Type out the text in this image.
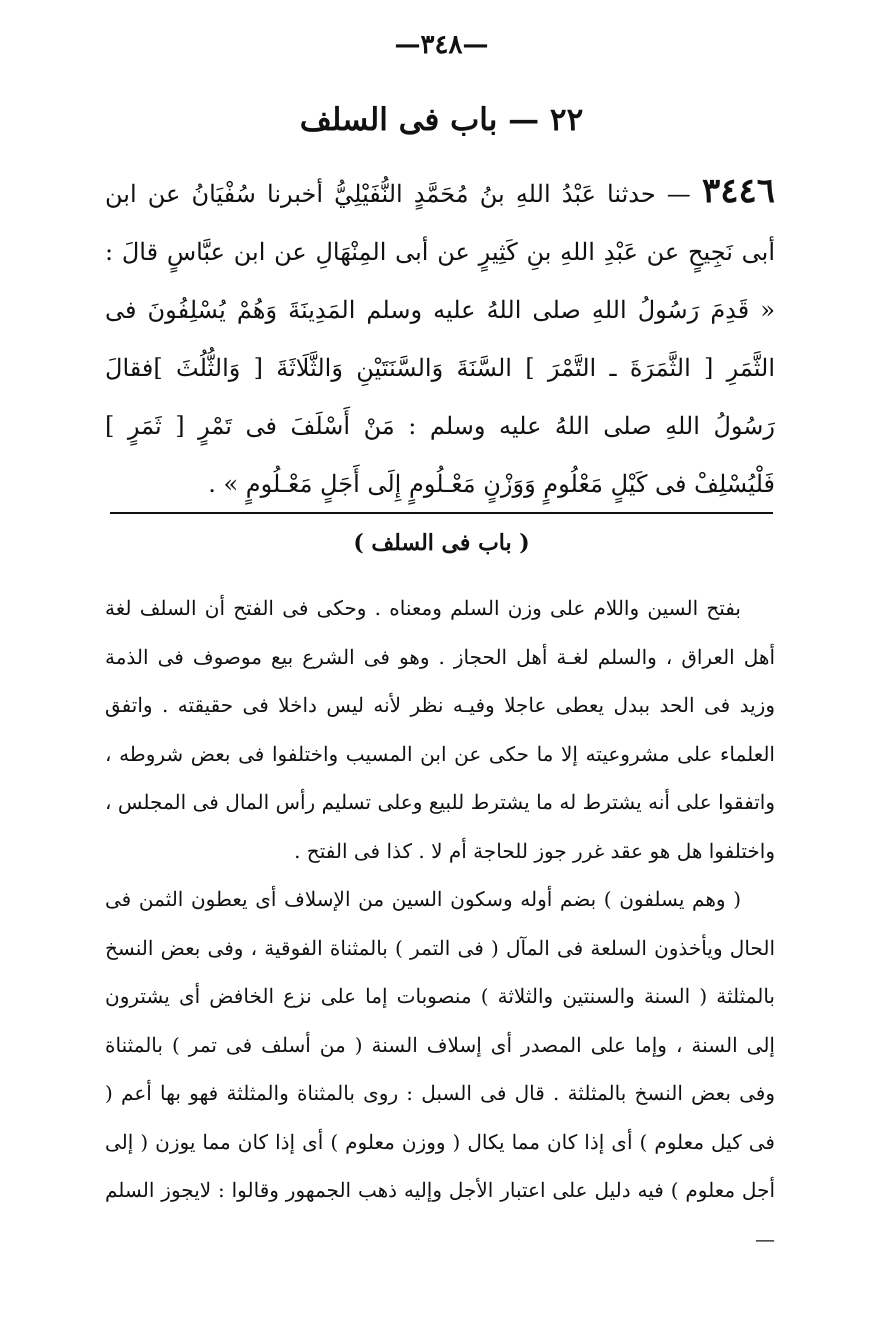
—٣٤٨—
٢٢ — باب فى السلف
٣٤٤٦ — حدثنا عَبْدُ اللهِ بنُ مُحَمَّدٍ النُّفَيْلِيُّ أخبرنا سُفْيَانُ عن ابن أبى نَجِيحٍ عن عَبْدِ اللهِ بنِ كَثِيرٍ عن أبى المِنْهَالِ عن ابن عبَّاسٍ قالَ : « قَدِمَ رَسُولُ اللهِ صلى اللهُ عليه وسلم المَدِينَةَ وَهُمْ يُسْلِفُونَ فى الثَّمَرِ [ الثَّمَرَةَ ـ التَّمْرَ ] السَّنَةَ وَالسَّنَتَيْنِ وَالثَّلَاثَةَ [ وَالثُّلُثَ ]فقالَ رَسُولُ اللهِ صلى اللهُ عليه وسلم : مَنْ أَسْلَفَ فى تَمْرٍ [ ثَمَرٍ ] فَلْيُسْلِفْ فى كَيْلٍ مَعْلُومٍ وَوَزْنٍ مَعْـلُومٍ إِلَى أَجَلٍ مَعْـلُومٍ » .
( باب فى السلف )

بفتح السين واللام على وزن السلم ومعناه . وحكى فى الفتح أن السلف لغة أهل العراق ، والسلم لغـة أهل الحجاز . وهو فى الشرع بيع موصوف فى الذمة وزيد فى الحد ببدل يعطى عاجلا وفيـه نظر لأنه ليس داخلا فى حقيقته . واتفق العلماء على مشروعيته إلا ما حكى عن ابن المسيب واختلفوا فى بعض شروطه ، واتفقوا على أنه يشترط له ما يشترط للبيع وعلى تسليم رأس المال فى المجلس ، واختلفوا هل هو عقد غرر جوز للحاجة أم لا . كذا فى الفتح .

( وهم يسلفون ) بضم أوله وسكون السين من الإسلاف أى يعطون الثمن فى الحال ويأخذون السلعة فى المآل ( فى التمر ) بالمثناة الفوقية ، وفى بعض النسخ بالمثلثة ( السنة والسنتين والثلاثة ) منصوبات إما على نزع الخافض أى يشترون إلى السنة ، وإما على المصدر أى إسلاف السنة ( من أسلف فى تمر ) بالمثناة وفى بعض النسخ بالمثلثة . قال فى السبل : روى بالمثناة والمثلثة فهو بها أعم ( فى كيل معلوم ) أى إذا كان مما يكال ( ووزن معلوم ) أى إذا كان مما يوزن ( إلى أجل معلوم ) فيه دليل على اعتبار الأجل وإليه ذهب الجمهور وقالوا : لايجوز السلم —
